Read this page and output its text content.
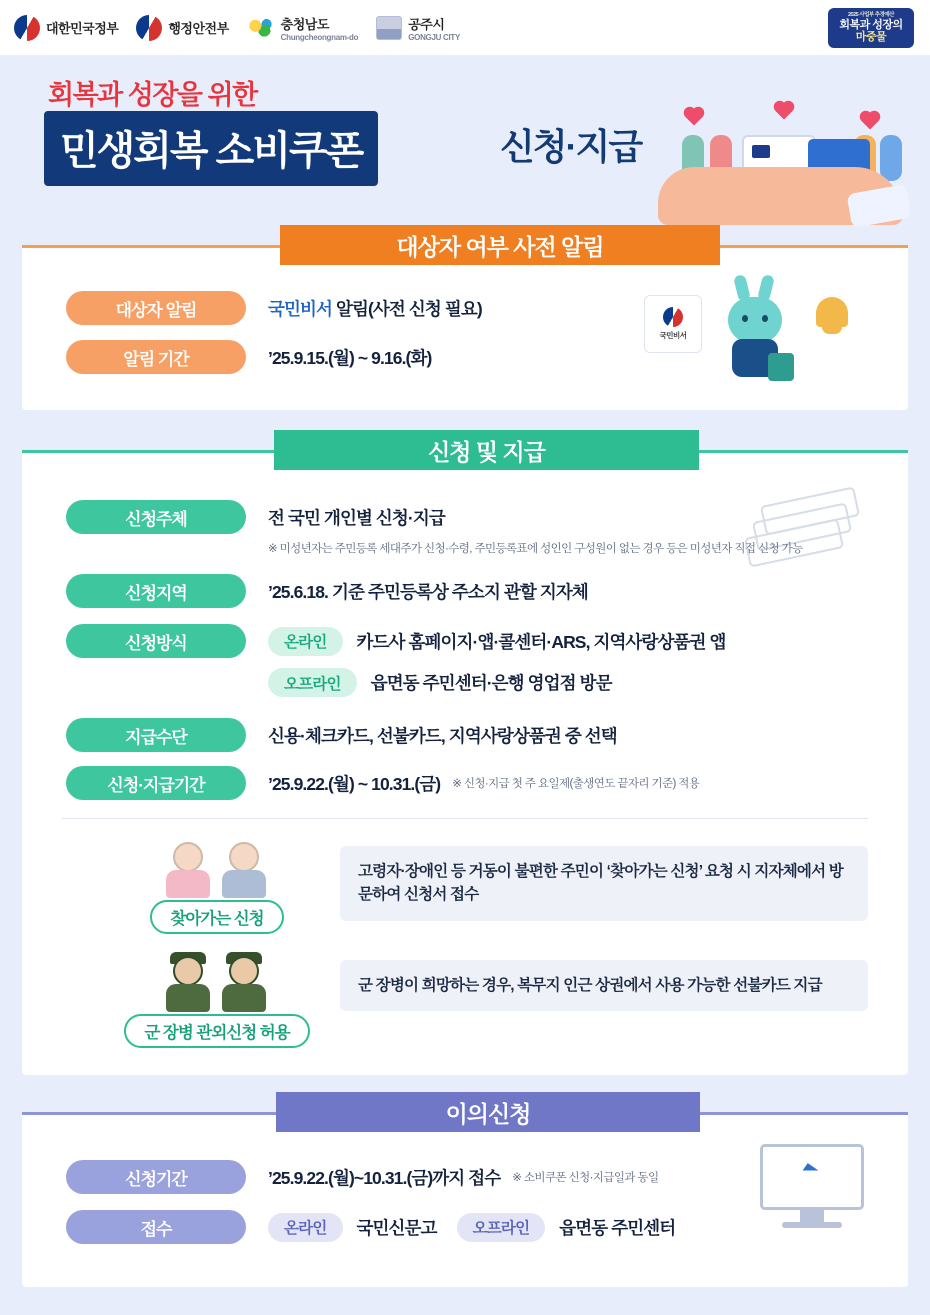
대한민국정부	행정안전부	충청남도
Chungcheongnam-do
공주시
GONGJU CITY
2025 사업부 추경예산
회복과 성장의
마중물
회복과 성장을 위한
민생회복 소비쿠폰	신청·지급
대상자 여부 사전 알림
대상자 알림	국민비서 알림(사전 신청 필요)
알림 기간	’25.9.15.(월) ~ 9.16.(화)
국민비서
신청 및 지급
신청주체	전 국민 개인별 신청·지급
※ 미성년자는 주민등록 세대주가 신청·수령, 주민등록표에 성인인 구성원이 없는 경우 등은 미성년자 직접 신청 가능
신청지역	’25.6.18. 기준 주민등록상 주소지 관할 지자체
신청방식	온라인	카드사 홈페이지·앱·콜센터·ARS, 지역사랑상품권 앱
오프라인	읍면동 주민센터·은행 영업점 방문
지급수단	신용·체크카드, 선불카드, 지역사랑상품권 중 선택
신청·지급기간	’25.9.22.(월) ~ 10.31.(금) ※ 신청·지급 첫 주 요일제(출생연도 끝자리 기준) 적용
찾아가는 신청
고령자·장애인 등 거동이 불편한 주민이 ‘찾아가는 신청’ 요청 시 지자체에서 방문하여 신청서 접수
군 장병 관외신청 허용
군 장병이 희망하는 경우, 복무지 인근 상권에서 사용 가능한 선불카드 지급
이의신청
신청기간	’25.9.22.(월)~10.31.(금)까지 접수 ※ 소비쿠폰 신청·지급일과 동일
접수	온라인	국민신문고	오프라인	읍면동 주민센터
